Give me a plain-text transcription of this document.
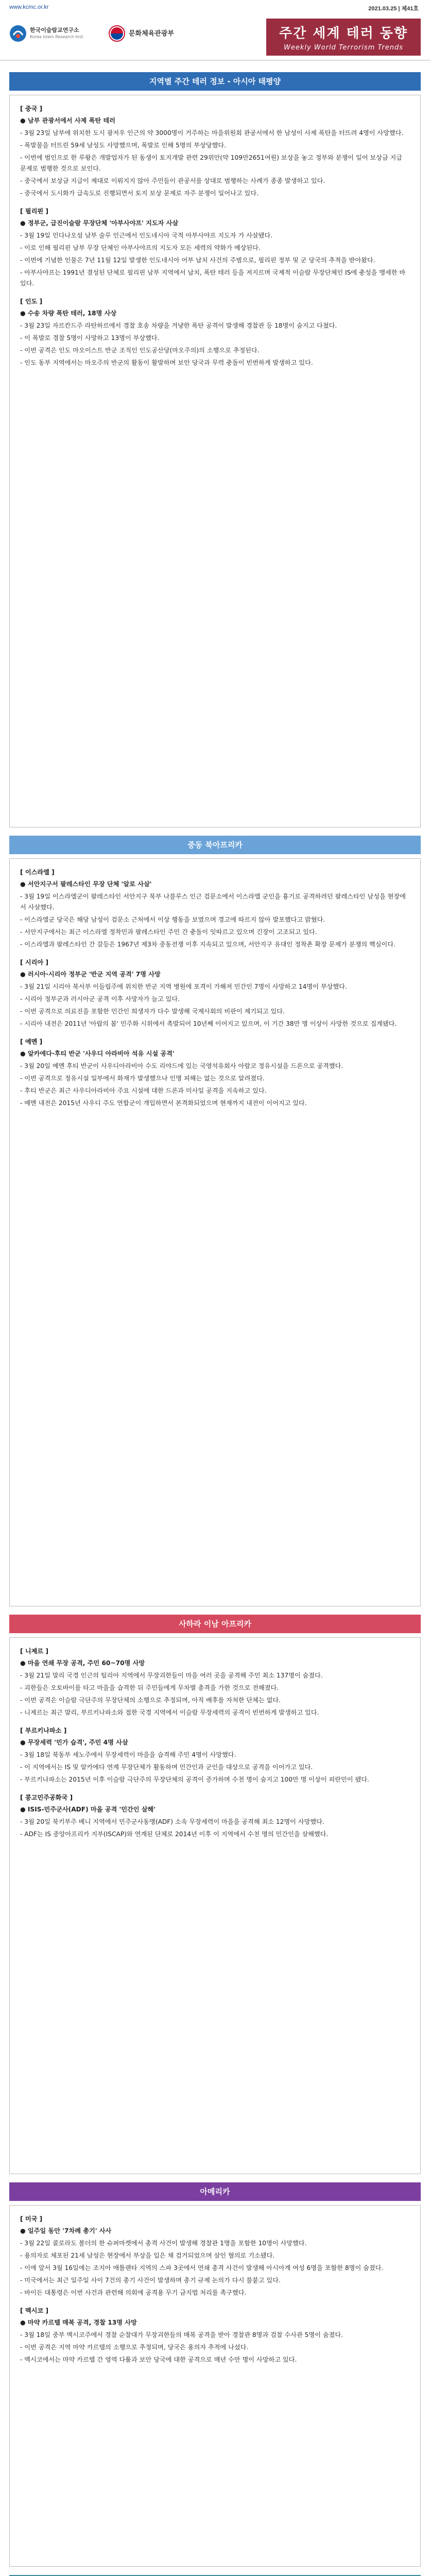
www.kcmc.or.kr	2021.03.25 | 제41호
한국이슬람교연구소
Korea Islam Research Inst.	문화체육관광부	주간 세계 테러 동향
Weekly World Terrorism Trends
지역별 주간 테러 정보 - 아시아 태평양
[ 중국 ]

● 남부 관광서에서 사제 폭탄 테러

- 3월 23일 남부에 위치한 도시 광저우 인근의 약 3000명이 거주하는 마을위원회 관공서에서 한 남성이 사제 폭탄을 터뜨려 4명이 사망했다.

- 폭발물을 터뜨린 59세 남성도 사망했으며, 폭발로 인해 5명의 부상당했다.

- 이번에 범인으로 한 루왕은 개발업자가 된 동생이 토지개발 관련 29위안(약 109만2651여원) 보상을 놓고 정부와 분쟁이 일어 보상금 지급 문제로 범행한 것으로 보인다.

- 중국에서 보상금 지급이 제대로 이뤄지지 않아 주민들이 관공서를 상대로 범행하는 사례가 종종 발생하고 있다.

- 중국에서 도시화가 급속도로 진행되면서 토지 보상 문제로 자주 분쟁이 일어나고 있다.

[ 필리핀 ]

● 정부군, 급진이슬람 무장단체 '아부사야프' 지도자 사살

- 3월 19일 민다나오섬 남부 술루 인근에서 인도네시아 국적 아부사야프 지도자 가 사살됐다.

- 이로 인해 필리핀 남부 무장 단체인 아부사야프의 지도자 모든 세력의 약화가 예상된다.

- 이번에 기념한 인물은 7년 11월 12일 발생한 인도네시아 어부 납치 사건의 주범으로, 필리핀 정부 및 군 당국의 추적을 받아왔다.

- 아부사야프는 1991년 결성된 단체로 필리핀 남부 지역에서 납치, 폭탄 테러 등을 저지르며 국제적 이슬람 무장단체인 IS에 충성을 맹세한 바 있다.

[ 인도 ]

● 수송 차량 폭탄 테러, 18명 사상

- 3월 23일 자르칸드주 라탄하르에서 경찰 호송 차량을 겨냥한 폭탄 공격이 발생해 경찰관 등 18명이 숨지고 다쳤다.

- 이 폭발로 경찰 5명이 사망하고 13명이 부상했다.

- 이번 공격은 인도 마오이스트 반군 조직인 인도공산당(마오주의)의 소행으로 추정된다.

- 인도 동부 지역에서는 마오주의 반군의 활동이 활발하며 보안 당국과 무력 충돌이 빈번하게 발생하고 있다.

중동 북아프리카
[ 이스라엘 ]

● 서안지구서 팔레스타인 무장 단체 '알로 사살'

- 3월 19일 이스라엘군이 팔레스타인 서안지구 북부 나블루스 인근 검문소에서 이스라엘 군인을 흉기로 공격하려던 팔레스타인 남성을 현장에서 사살했다.

- 이스라엘군 당국은 해당 남성이 검문소 근처에서 이상 행동을 보였으며 경고에 따르지 않아 발포했다고 밝혔다.

- 서안지구에서는 최근 이스라엘 정착민과 팔레스타인 주민 간 충돌이 잇따르고 있으며 긴장이 고조되고 있다.

- 이스라엘과 팔레스타인 간 갈등은 1967년 제3차 중동전쟁 이후 지속되고 있으며, 서안지구 유대인 정착촌 확장 문제가 분쟁의 핵심이다.

[ 시리아 ]

● 러시아·시리아 정부군 '반군 지역 공격' 7명 사망

- 3월 21일 시리아 북서부 이들립주에 위치한 반군 지역 병원에 포격이 가해져 민간인 7명이 사망하고 14명이 부상했다.

- 시리아 정부군과 러시아군 공격 이후 사망자가 늘고 있다.

- 이번 공격으로 의료진을 포함한 민간인 희생자가 다수 발생해 국제사회의 비판이 제기되고 있다.

- 시리아 내전은 2011년 '아랍의 봄' 민주화 시위에서 촉발되어 10년째 이어지고 있으며, 이 기간 38만 명 이상이 사망한 것으로 집계됐다.

[ 예멘 ]

● 알카에다·후티 반군 '사우디 아라비아 석유 시설 공격'

- 3월 20일 예멘 후티 반군이 사우디아라비아 수도 리야드에 있는 국영석유회사 아람코 정유시설을 드론으로 공격했다.

- 이번 공격으로 정유시설 일부에서 화재가 발생했으나 인명 피해는 없는 것으로 알려졌다.

- 후티 반군은 최근 사우디아라비아 주요 시설에 대한 드론과 미사일 공격을 지속하고 있다.

- 예멘 내전은 2015년 사우디 주도 연합군이 개입하면서 본격화되었으며 현재까지 내전이 이어지고 있다.

사하라 이남 아프리카
[ 니제르 ]

● 마을 연쇄 무장 공격, 주민 60~70명 사망

- 3월 21일 말리 국경 인근의 틸리아 지역에서 무장괴한들이 마을 여러 곳을 공격해 주민 최소 137명이 숨졌다.

- 괴한들은 오토바이를 타고 마을을 습격한 뒤 주민들에게 무차별 총격을 가한 것으로 전해졌다.

- 이번 공격은 이슬람 극단주의 무장단체의 소행으로 추정되며, 아직 배후를 자처한 단체는 없다.

- 니제르는 최근 말리, 부르키나파소와 접한 국경 지역에서 이슬람 무장세력의 공격이 빈번하게 발생하고 있다.

[ 부르키나파소 ]

● 무장세력 '민가 습격', 주민 4명 사살

- 3월 18일 북동부 세노주에서 무장세력이 마을을 습격해 주민 4명이 사망했다.

- 이 지역에서는 IS 및 알카에다 연계 무장단체가 활동하며 민간인과 군인을 대상으로 공격을 이어가고 있다.

- 부르키나파소는 2015년 이후 이슬람 극단주의 무장단체의 공격이 증가하며 수천 명이 숨지고 100만 명 이상이 피란민이 됐다.

[ 콩고민주공화국 ]

● ISIS-민주군사(ADF) 마을 공격 '민간인 살해'

- 3월 20일 북키부주 베니 지역에서 민주군사동맹(ADF) 소속 무장세력이 마을을 공격해 최소 12명이 사망했다.

- ADF는 IS 중앙아프리카 지부(ISCAP)와 연계된 단체로 2014년 이후 이 지역에서 수천 명의 민간인을 살해했다.

아메리카
[ 미국 ]

● 일주일 동안 '7차례 총기' 사사

- 3월 22일 콜로라도 볼더의 한 슈퍼마켓에서 총격 사건이 발생해 경찰관 1명을 포함한 10명이 사망했다.

- 용의자로 체포된 21세 남성은 현장에서 부상을 입은 채 검거되었으며 살인 혐의로 기소됐다.

- 이에 앞서 3월 16일에는 조지아 애틀랜타 지역의 스파 3곳에서 연쇄 총격 사건이 발생해 아시아계 여성 6명을 포함한 8명이 숨졌다.

- 미국에서는 최근 일주일 사이 7건의 총기 사건이 발생하며 총기 규제 논의가 다시 불붙고 있다.

- 바이든 대통령은 이번 사건과 관련해 의회에 공격용 무기 금지법 처리를 촉구했다.

[ 멕시코 ]

● 마약 카르텔 매복 공격, 경찰 13명 사망

- 3월 18일 중부 멕시코주에서 경찰 순찰대가 무장괴한들의 매복 공격을 받아 경찰관 8명과 검찰 수사관 5명이 숨졌다.

- 이번 공격은 지역 마약 카르텔의 소행으로 추정되며, 당국은 용의자 추적에 나섰다.

- 멕시코에서는 마약 카르텔 간 영역 다툼과 보안 당국에 대한 공격으로 매년 수만 명이 사망하고 있다.
